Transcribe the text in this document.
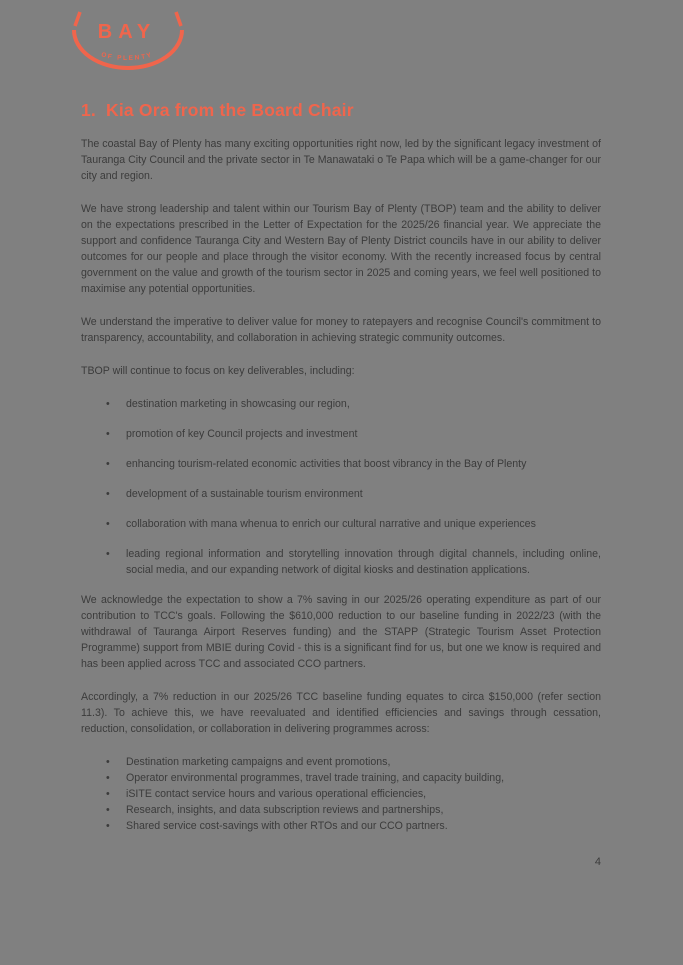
BAY
OF PLENTY
1. Kia Ora from the Board Chair

The coastal Bay of Plenty has many exciting opportunities right now, led by the significant legacy investment of Tauranga City Council and the private sector in Te Manawataki o Te Papa which will be a game-changer for our city and region.

We have strong leadership and talent within our Tourism Bay of Plenty (TBOP) team and the ability to deliver on the expectations prescribed in the Letter of Expectation for the 2025/26 financial year. We appreciate the support and confidence Tauranga City and Western Bay of Plenty District councils have in our ability to deliver outcomes for our people and place through the visitor economy. With the recently increased focus by central government on the value and growth of the tourism sector in 2025 and coming years, we feel well positioned to maximise any potential opportunities.

We understand the imperative to deliver value for money to ratepayers and recognise Council's commitment to transparency, accountability, and collaboration in achieving strategic community outcomes.

TBOP will continue to focus on key deliverables, including:

• destination marketing in showcasing our region,
• promotion of key Council projects and investment
• enhancing tourism-related economic activities that boost vibrancy in the Bay of Plenty
• development of a sustainable tourism environment
• collaboration with mana whenua to enrich our cultural narrative and unique experiences
• leading regional information and storytelling innovation through digital channels, including online, social media, and our expanding network of digital kiosks and destination applications.

We acknowledge the expectation to show a 7% saving in our 2025/26 operating expenditure as part of our contribution to TCC's goals. Following the $610,000 reduction to our baseline funding in 2022/23 (with the withdrawal of Tauranga Airport Reserves funding) and the STAPP (Strategic Tourism Asset Protection Programme) support from MBIE during Covid - this is a significant find for us, but one we know is required and has been applied across TCC and associated CCO partners.

Accordingly, a 7% reduction in our 2025/26 TCC baseline funding equates to circa $150,000 (refer section 11.3). To achieve this, we have reevaluated and identified efficiencies and savings through cessation, reduction, consolidation, or collaboration in delivering programmes across:

• Destination marketing campaigns and event promotions,
• Operator environmental programmes, travel trade training, and capacity building,
• iSITE contact service hours and various operational efficiencies,
• Research, insights, and data subscription reviews and partnerships,
• Shared service cost-savings with other RTOs and our CCO partners.
4
